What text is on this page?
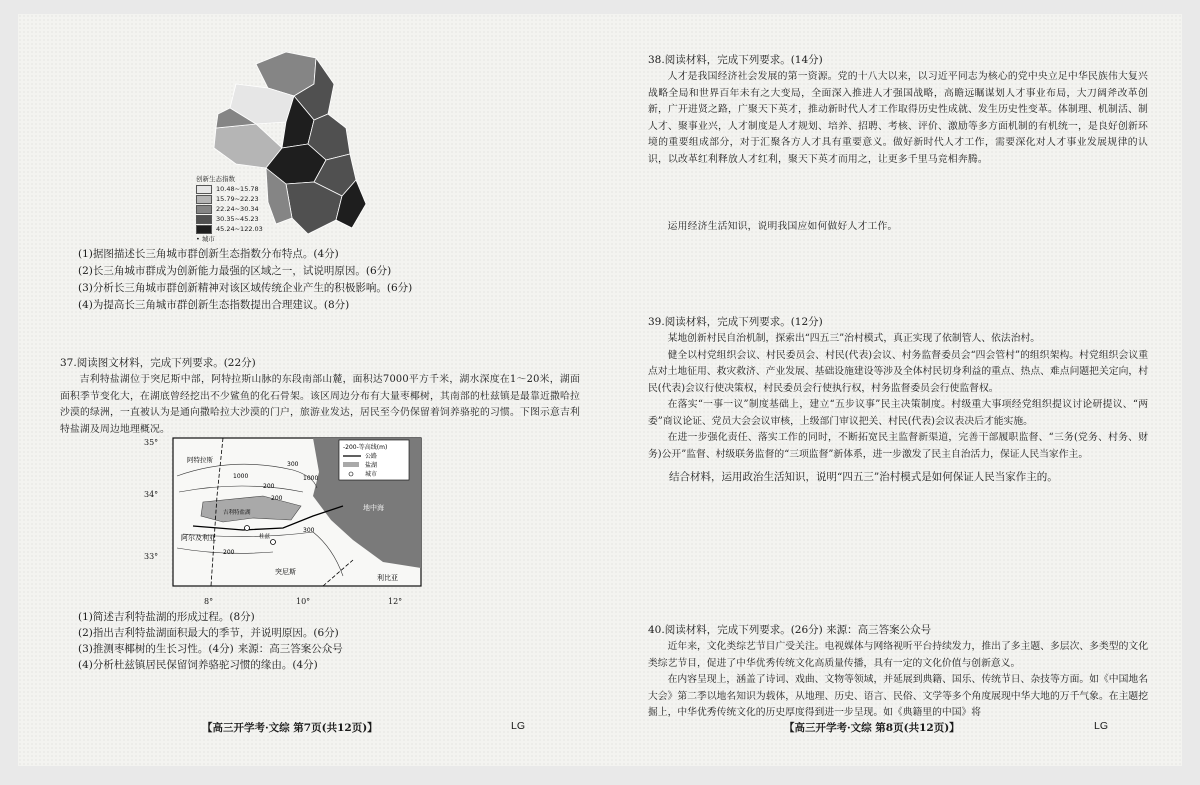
创新生态指数
10.48~15.78
15.79~22.23
22.24~30.34
30.35~45.23
45.24~122.03
• 城市
(1)据图描述长三角城市群创新生态指数分布特点。(4分)
(2)长三角城市群成为创新能力最强的区域之一，试说明原因。(6分)
(3)分析长三角城市群创新精神对该区域传统企业产生的积极影响。(6分)
(4)为提高长三角城市群创新生态指数提出合理建议。(8分)
37.阅读图文材料，完成下列要求。(22分)
吉利特盐湖位于突尼斯中部，阿特拉斯山脉的东段南部山麓，面积达7000平方千米，湖水深度在1～20米，湖面面积季节变化大，在湖底曾经挖出不少鲨鱼的化石骨架。该区周边分布有大量枣椰树，其南部的杜兹镇是最靠近撒哈拉沙漠的绿洲，一直被认为是通向撒哈拉大沙漠的门户，旅游业发达，居民至今仍保留着饲养骆驼的习惯。下图示意吉利特盐湖及周边地理概况。
-200-等高线(m)
公路
盐湖
城市
阿特拉斯
地中海
吉利特盐湖
阿尔及利亚
突尼斯
利比亚
杜兹
300
200
1000	1000
200
300
200
35°
34°
33°
8°	10°	12°
(1)简述吉利特盐湖的形成过程。(8分)
(2)指出吉利特盐湖面积最大的季节，并说明原因。(6分)
(3)推测枣椰树的生长习性。(4分) 来源：高三答案公众号
(4)分析杜兹镇居民保留饲养骆驼习惯的缘由。(4分)
【高三开学考·文综 第7页(共12页)】	LG
38.阅读材料，完成下列要求。(14分)
人才是我国经济社会发展的第一资源。党的十八大以来，以习近平同志为核心的党中央立足中华民族伟大复兴战略全局和世界百年未有之大变局，全面深入推进人才强国战略，高瞻远瞩谋划人才事业布局，大刀阔斧改革创新，广开进贤之路，广聚天下英才，推动新时代人才工作取得历史性成就、发生历史性变革。体制理、机制活、制人才、聚事业兴，人才制度是人才规划、培养、招聘、考核、评价、激励等多方面机制的有机统一，是良好创新环境的重要组成部分，对于汇聚各方人才具有重要意义。做好新时代人才工作，需要深化对人才事业发展规律的认识，以改革红利释放人才红利，聚天下英才而用之，让更多千里马竞相奔腾。
运用经济生活知识，说明我国应如何做好人才工作。
39.阅读材料，完成下列要求。(12分)
某地创新村民自治机制，探索出“四五三”治村模式，真正实现了依制管人、依法治村。
健全以村党组织会议、村民委员会、村民(代表)会议、村务监督委员会“四会管村”的组织架构。村党组织会议重点对土地征用、救灾救济、产业发展、基础设施建设等涉及全体村民切身利益的重点、热点、难点问题把关定向，村民(代表)会议行使决策权，村民委员会行使执行权，村务监督委员会行使监督权。
在落实“一事一议”制度基础上，建立“五步议事”民主决策制度。村级重大事项经党组织提议讨论研提议、“两委”商议论证、党员大会会议审核，上级部门审议把关、村民(代表)会议表决后才能实施。
在进一步强化责任、落实工作的同时，不断拓宽民主监督新渠道，完善干部履职监督、“三务(党务、村务、财务)公开”监督、村级联务监督的“三项监督”新体系，进一步激发了民主自治活力，保证人民当家作主。
结合材料，运用政治生活知识，说明“四五三”治村模式是如何保证人民当家作主的。
40.阅读材料，完成下列要求。(26分) 来源：高三答案公众号
近年来，文化类综艺节目广受关注。电视媒体与网络视听平台持续发力，推出了多主题、多层次、多类型的文化类综艺节目，促进了中华优秀传统文化高质量传播，具有一定的文化价值与创新意义。
在内容呈现上，涵盖了诗词、戏曲、文物等领域，并延展到典籍、国乐、传统节日、杂技等方面。如《中国地名大会》第二季以地名知识为载体，从地理、历史、语言、民俗、文学等多个角度展现中华大地的万千气象。在主题挖掘上，中华优秀传统文化的历史厚度得到进一步呈现。如《典籍里的中国》将
【高三开学考·文综 第8页(共12页)】	LG
